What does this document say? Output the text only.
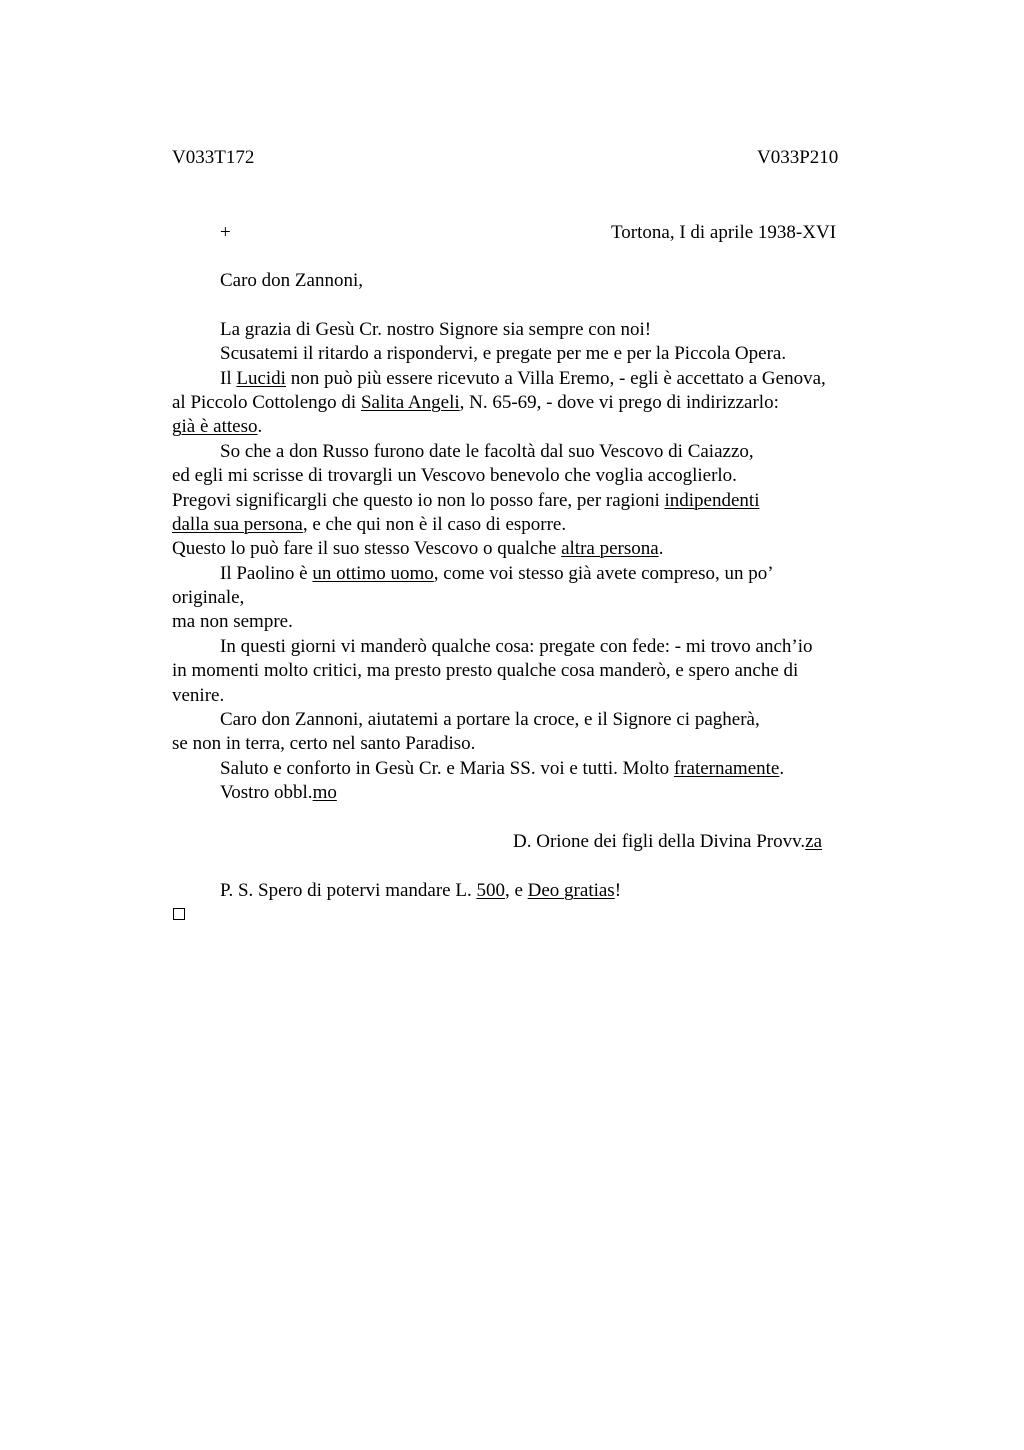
V033T172	V033P210
+	Tortona, I di aprile 1938-XVI
Caro don Zannoni,
La grazia di Gesù Cr. nostro Signore sia sempre con noi!
Scusatemi il ritardo a rispondervi, e pregate per me e per la Piccola Opera.
Il Lucidi non può più essere ricevuto a Villa Eremo, - egli è accettato a Genova,
al Piccolo Cottolengo di Salita Angeli, N. 65-69, - dove vi prego di indirizzarlo:
già è atteso.
So che a don Russo furono date le facoltà dal suo Vescovo di Caiazzo,
ed egli mi scrisse di trovargli un Vescovo benevolo che voglia accoglierlo.
Pregovi significargli che questo io non lo posso fare, per ragioni indipendenti
dalla sua persona, e che qui non è il caso di esporre.
Questo lo può fare il suo stesso Vescovo o qualche altra persona.
Il Paolino è un ottimo uomo, come voi stesso già avete compreso, un po’
originale,
ma non sempre.
In questi giorni vi manderò qualche cosa: pregate con fede: - mi trovo anch’io
in momenti molto critici, ma presto presto qualche cosa manderò, e spero anche di
venire.
Caro don Zannoni, aiutatemi a portare la croce, e il Signore ci pagherà,
se non in terra, certo nel santo Paradiso.
Saluto e conforto in Gesù Cr. e Maria SS. voi e tutti. Molto fraternamente.
Vostro obbl.mo
D. Orione dei figli della Divina Provv.za
P. S. Spero di potervi mandare L. 500, e Deo gratias!
